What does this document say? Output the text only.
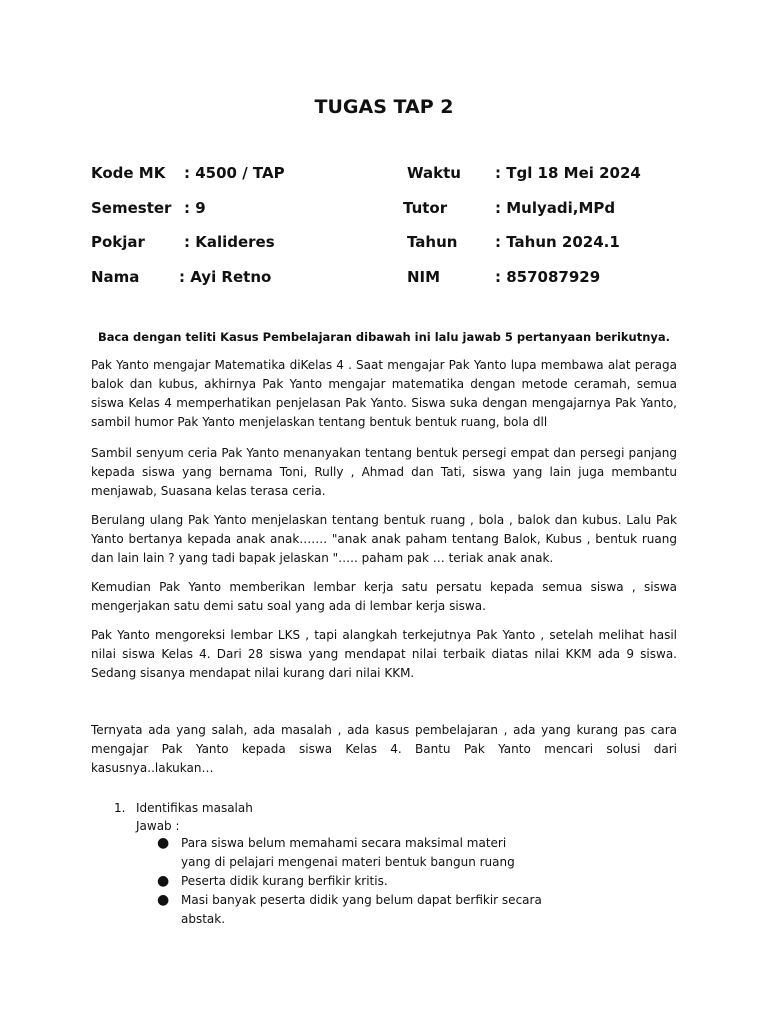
TUGAS TAP 2
Kode MK : 4500 / TAP	Waktu : Tgl 18 Mei 2024
Semester : 9	Tutor	: Mulyadi,MPd
Pokjar	: Kalideres	Tahun	: Tahun 2024.1
Nama	: Ayi Retno	NIM	: 857087929
Baca dengan teliti Kasus Pembelajaran dibawah ini lalu jawab 5 pertanyaan berikutnya.

Pak Yanto mengajar Matematika diKelas 4 . Saat mengajar Pak Yanto lupa membawa alat peraga balok dan kubus, akhirnya Pak Yanto mengajar matematika dengan metode ceramah, semua siswa Kelas 4 memperhatikan penjelasan Pak Yanto. Siswa suka dengan mengajarnya Pak Yanto, sambil humor Pak Yanto menjelaskan tentang bentuk bentuk ruang, bola dll

Sambil senyum ceria Pak Yanto menanyakan tentang bentuk persegi empat dan persegi panjang kepada siswa yang bernama Toni, Rully , Ahmad dan Tati, siswa yang lain juga membantu menjawab, Suasana kelas terasa ceria.

Berulang ulang Pak Yanto menjelaskan tentang bentuk ruang , bola , balok dan kubus. Lalu Pak Yanto bertanya kepada anak anak……. "anak anak paham tentang Balok, Kubus , bentuk ruang dan lain lain ? yang tadi bapak jelaskan "….. paham pak … teriak anak anak.

Kemudian Pak Yanto memberikan lembar kerja satu persatu kepada semua siswa , siswa mengerjakan satu demi satu soal yang ada di lembar kerja siswa.

Pak Yanto mengoreksi lembar LKS , tapi alangkah terkejutnya Pak Yanto , setelah melihat hasil nilai siswa Kelas 4. Dari 28 siswa yang mendapat nilai terbaik diatas nilai KKM ada 9 siswa. Sedang sisanya mendapat nilai kurang dari nilai KKM.

Ternyata ada yang salah, ada masalah , ada kasus pembelajaran , ada yang kurang pas cara mengajar Pak Yanto kepada siswa Kelas 4. Bantu Pak Yanto mencari solusi dari kasusnya..lakukan…

1. Identifikas masalah
Jawab :
● Para siswa belum memahami secara maksimal materi yang di pelajari mengenai materi bentuk bangun ruang
● Peserta didik kurang berfikir kritis.
● Masi banyak peserta didik yang belum dapat berfikir secara abstak.
